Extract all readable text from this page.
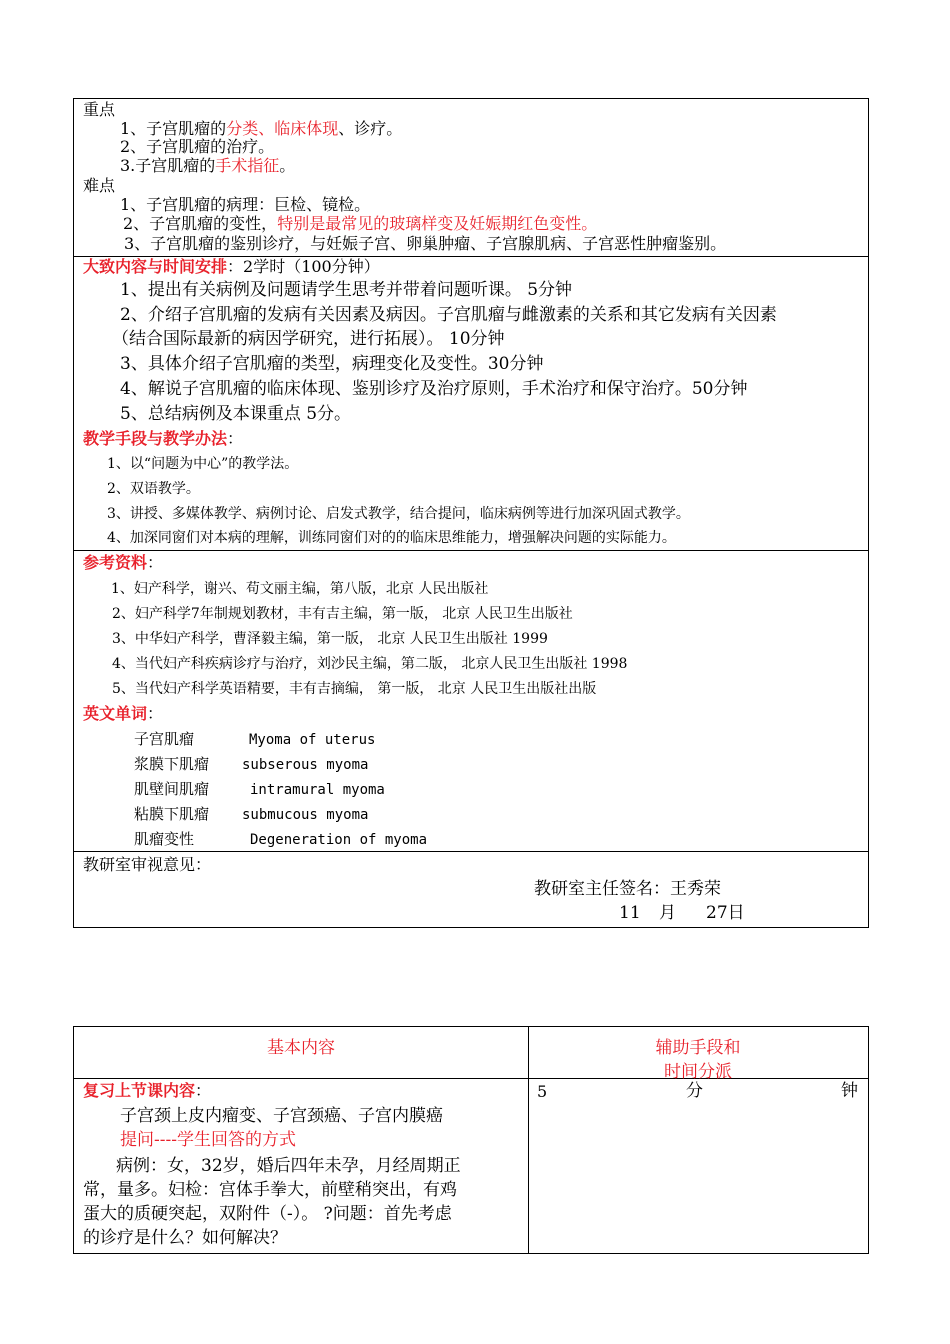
重点
1、子宫肌瘤的分类、临床体现、诊疗。
2、子宫肌瘤的治疗。
3.子宫肌瘤的手术指征。
难点
1、子宫肌瘤的病理：巨检、镜检。
2、子宫肌瘤的变性，特别是最常见的玻璃样变及妊娠期红色变性。
3、子宫肌瘤的鉴别诊疗，与妊娠子宫、卵巢肿瘤、子宫腺肌病、子宫恶性肿瘤鉴别。
大致内容与时间安排：2学时（100分钟）
1、提出有关病例及问题请学生思考并带着问题听课。 5分钟
2、介绍子宫肌瘤的发病有关因素及病因。子宫肌瘤与雌激素的关系和其它发病有关因素
（结合国际最新的病因学研究，进行拓展）。 10分钟
3、具体介绍子宫肌瘤的类型，病理变化及变性。30分钟
4、解说子宫肌瘤的临床体现、鉴别诊疗及治疗原则，手术治疗和保守治疗。50分钟
5、总结病例及本课重点 5分。
教学手段与教学办法：
1、以“问题为中心”的教学法。
2、双语教学。
3、讲授、多媒体教学、病例讨论、启发式教学，结合提问，临床病例等进行加深巩固式教学。
4、加深同窗们对本病的理解，训练同窗们对的的临床思维能力，增强解决问题的实际能力。
参考资料：
1、妇产科学，谢兴、苟文丽主编，第八版，北京 人民出版社
2、妇产科学7年制规划教材，丰有吉主编，第一版， 北京 人民卫生出版社
3、中华妇产科学，曹泽毅主编，第一版， 北京 人民卫生出版社 1999
4、当代妇产科疾病诊疗与治疗，刘沙民主编，第二版， 北京人民卫生出版社 1998
5、当代妇产科学英语精要，丰有吉摘编， 第一版， 北京 人民卫生出版社出版
英文单词：
子宫肌瘤	Myoma of uterus
浆膜下肌瘤 subserous myoma
肌壁间肌瘤	intramural myoma
粘膜下肌瘤 submucous myoma
肌瘤变性	Degeneration of myoma
教研室审视意见：
教研室主任签名：王秀荣
11 月 27日
基本内容	辅助手段和
时间分派
复习上节课内容：
子宫颈上皮内瘤变、子宫颈癌、子宫内膜癌
提问----学生回答的方式
病例：女，32岁，婚后四年未孕，月经周期正
常，量多。妇检：宫体手拳大，前壁稍突出，有鸡
蛋大的质硬突起，双附件（-）。 ?问题：首先考虑
的诊疗是什么？如何解决？
5	分	钟
